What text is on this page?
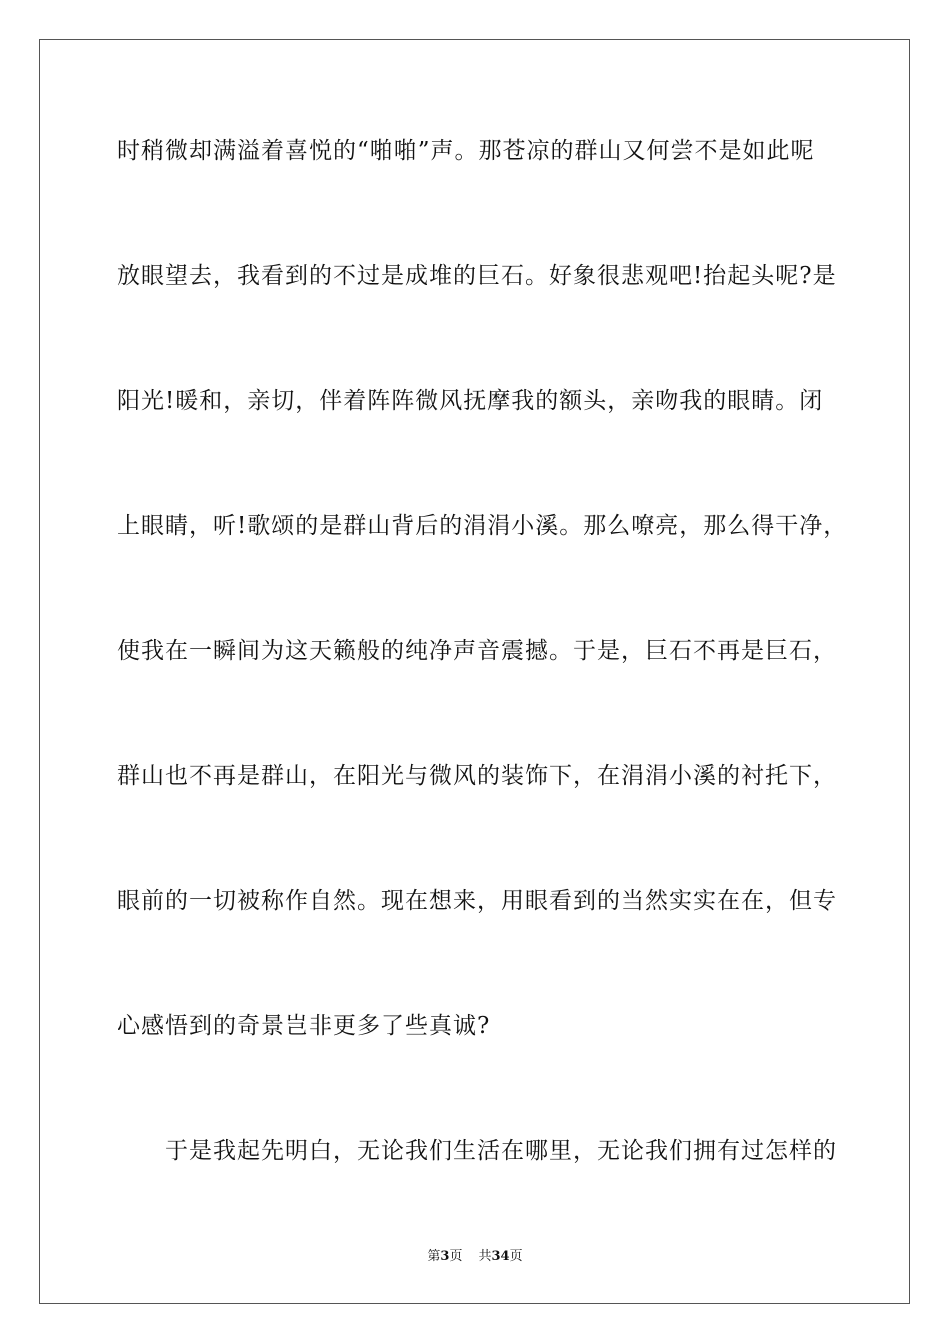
时稍微却满溢着喜悦的“啪啪”声。那苍凉的群山又何尝不是如此呢

放眼望去，我看到的不过是成堆的巨石。好象很悲观吧!抬起头呢?是

阳光!暖和，亲切，伴着阵阵微风抚摩我的额头，亲吻我的眼睛。闭

上眼睛，听!歌颂的是群山背后的涓涓小溪。那么嘹亮，那么得干净，

使我在一瞬间为这天籁般的纯净声音震撼。于是，巨石不再是巨石，

群山也不再是群山，在阳光与微风的装饰下，在涓涓小溪的衬托下，

眼前的一切被称作自然。现在想来，用眼看到的当然实实在在，但专

心感悟到的奇景岂非更多了些真诚?

于是我起先明白，无论我们生活在哪里，无论我们拥有过怎样的

第3页 共34页
